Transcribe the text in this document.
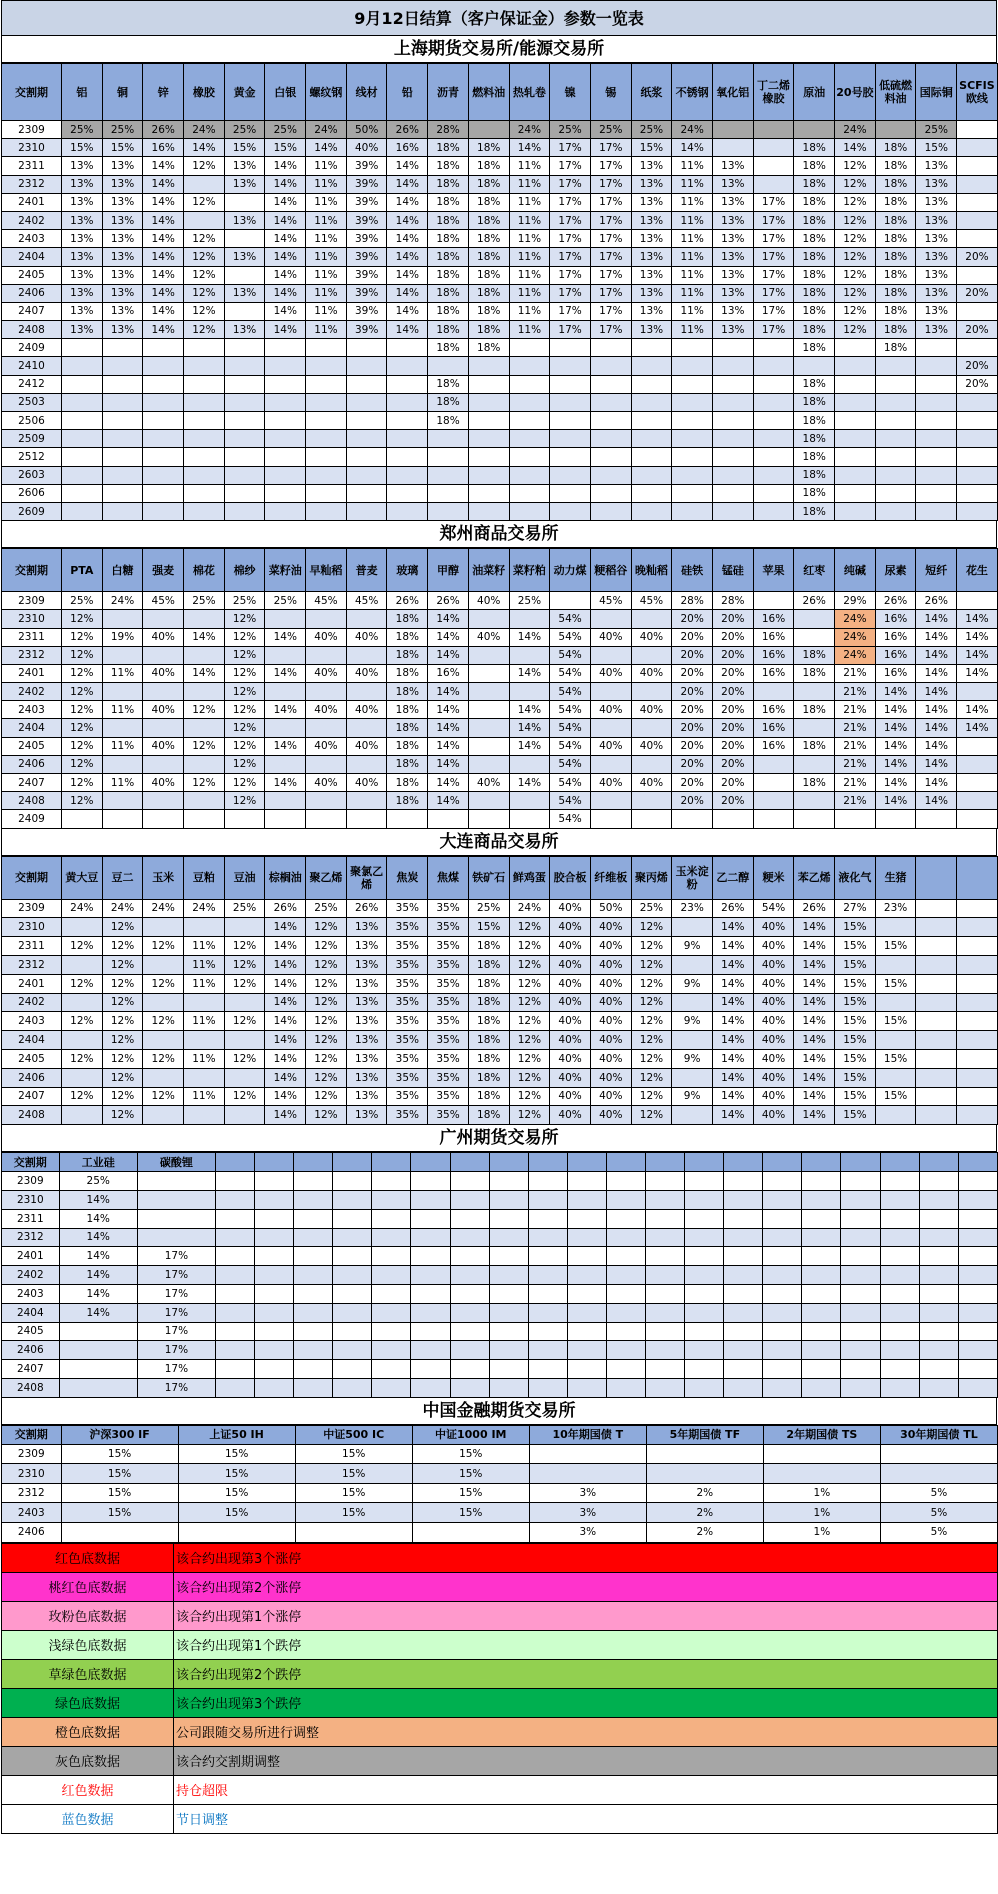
9月12日结算（客户保证金）参数一览表
上海期货交易所/能源交易所
交割期	铝	铜	锌	橡胶	黄金	白银	螺纹钢	线材	铅	沥青	燃料油	热轧卷	镍	锡	纸浆	不锈钢	氧化铝	丁二烯橡胶	原油	20号胶	低硫燃料油	国际铜	SCFIS欧线
2309	25%	25%	26%	24%	25%	25%	24%	50%	26%	28%		24%	25%	25%	25%	24%				24%		25%	
2310	15%	15%	16%	14%	15%	15%	14%	40%	16%	18%	18%	14%	17%	17%	15%	14%			18%	14%	18%	15%	
2311	13%	13%	14%	12%	13%	14%	11%	39%	14%	18%	18%	11%	17%	17%	13%	11%	13%		18%	12%	18%	13%	
2312	13%	13%	14%		13%	14%	11%	39%	14%	18%	18%	11%	17%	17%	13%	11%	13%		18%	12%	18%	13%	
2401	13%	13%	14%	12%		14%	11%	39%	14%	18%	18%	11%	17%	17%	13%	11%	13%	17%	18%	12%	18%	13%	
2402	13%	13%	14%		13%	14%	11%	39%	14%	18%	18%	11%	17%	17%	13%	11%	13%	17%	18%	12%	18%	13%	
2403	13%	13%	14%	12%		14%	11%	39%	14%	18%	18%	11%	17%	17%	13%	11%	13%	17%	18%	12%	18%	13%	
2404	13%	13%	14%	12%	13%	14%	11%	39%	14%	18%	18%	11%	17%	17%	13%	11%	13%	17%	18%	12%	18%	13%	20%
2405	13%	13%	14%	12%		14%	11%	39%	14%	18%	18%	11%	17%	17%	13%	11%	13%	17%	18%	12%	18%	13%	
2406	13%	13%	14%	12%	13%	14%	11%	39%	14%	18%	18%	11%	17%	17%	13%	11%	13%	17%	18%	12%	18%	13%	20%
2407	13%	13%	14%	12%		14%	11%	39%	14%	18%	18%	11%	17%	17%	13%	11%	13%	17%	18%	12%	18%	13%	
2408	13%	13%	14%	12%	13%	14%	11%	39%	14%	18%	18%	11%	17%	17%	13%	11%	13%	17%	18%	12%	18%	13%	20%
2409										18%	18%								18%		18%		
2410																							20%
2412										18%									18%				20%
2503										18%									18%				
2506										18%									18%				
2509																			18%				
2512																			18%				
2603																			18%				
2606																			18%				
2609																			18%				
郑州商品交易所
交割期	PTA	白糖	强麦	棉花	棉纱	菜籽油	早籼稻	普麦	玻璃	甲醇	油菜籽	菜籽粕	动力煤	粳稻谷	晚籼稻	硅铁	锰硅	苹果	红枣	纯碱	尿素	短纤	花生
2309	25%	24%	45%	25%	25%	25%	45%	45%	26%	26%	40%	25%		45%	45%	28%	28%		26%	29%	26%	26%	
2310	12%				12%				18%	14%			54%			20%	20%	16%		24%	16%	14%	14%
2311	12%	19%	40%	14%	12%	14%	40%	40%	18%	14%	40%	14%	54%	40%	40%	20%	20%	16%		24%	16%	14%	14%
2312	12%				12%				18%	14%			54%			20%	20%	16%	18%	24%	16%	14%	14%
2401	12%	11%	40%	14%	12%	14%	40%	40%	18%	16%		14%	54%	40%	40%	20%	20%	16%	18%	21%	16%	14%	14%
2402	12%				12%				18%	14%			54%			20%	20%			21%	14%	14%	
2403	12%	11%	40%	12%	12%	14%	40%	40%	18%	14%		14%	54%	40%	40%	20%	20%	16%	18%	21%	14%	14%	14%
2404	12%				12%				18%	14%		14%	54%			20%	20%	16%		21%	14%	14%	14%
2405	12%	11%	40%	12%	12%	14%	40%	40%	18%	14%		14%	54%	40%	40%	20%	20%	16%	18%	21%	14%	14%	
2406	12%				12%				18%	14%			54%			20%	20%			21%	14%	14%	
2407	12%	11%	40%	12%	12%	14%	40%	40%	18%	14%	40%	14%	54%	40%	40%	20%	20%		18%	21%	14%	14%	
2408	12%				12%				18%	14%			54%			20%	20%			21%	14%	14%	
2409													54%										
大连商品交易所
交割期	黄大豆	豆二	玉米	豆粕	豆油	棕榈油	聚乙烯	聚氯乙烯	焦炭	焦煤	铁矿石	鲜鸡蛋	胶合板	纤维板	聚丙烯	玉米淀粉	乙二醇	粳米	苯乙烯	液化气	生猪		
2309	24%	24%	24%	24%	25%	26%	25%	26%	35%	35%	25%	24%	40%	50%	25%	23%	26%	54%	26%	27%	23%		
2310		12%				14%	12%	13%	35%	35%	15%	12%	40%	40%	12%		14%	40%	14%	15%			
2311	12%	12%	12%	11%	12%	14%	12%	13%	35%	35%	18%	12%	40%	40%	12%	9%	14%	40%	14%	15%	15%		
2312		12%		11%	12%	14%	12%	13%	35%	35%	18%	12%	40%	40%	12%		14%	40%	14%	15%			
2401	12%	12%	12%	11%	12%	14%	12%	13%	35%	35%	18%	12%	40%	40%	12%	9%	14%	40%	14%	15%	15%		
2402		12%				14%	12%	13%	35%	35%	18%	12%	40%	40%	12%		14%	40%	14%	15%			
2403	12%	12%	12%	11%	12%	14%	12%	13%	35%	35%	18%	12%	40%	40%	12%	9%	14%	40%	14%	15%	15%		
2404		12%				14%	12%	13%	35%	35%	18%	12%	40%	40%	12%		14%	40%	14%	15%			
2405	12%	12%	12%	11%	12%	14%	12%	13%	35%	35%	18%	12%	40%	40%	12%	9%	14%	40%	14%	15%	15%		
2406		12%				14%	12%	13%	35%	35%	18%	12%	40%	40%	12%		14%	40%	14%	15%			
2407	12%	12%	12%	11%	12%	14%	12%	13%	35%	35%	18%	12%	40%	40%	12%	9%	14%	40%	14%	15%	15%		
2408		12%				14%	12%	13%	35%	35%	18%	12%	40%	40%	12%		14%	40%	14%	15%			
广州期货交易所
交割期	工业硅	碳酸锂																				
2309	25%																					
2310	14%																					
2311	14%																					
2312	14%																					
2401	14%	17%																				
2402	14%	17%																				
2403	14%	17%																				
2404	14%	17%																				
2405		17%																				
2406		17%																				
2407		17%																				
2408		17%																				
中国金融期货交易所
交割期	沪深300 IF	上证50 IH	中证500 IC	中证1000 IM	10年期国债 T	5年期国债 TF	2年期国债 TS	30年期国债 TL
2309	15%	15%	15%	15%				
2310	15%	15%	15%	15%				
2312	15%	15%	15%	15%	3%	2%	1%	5%
2403	15%	15%	15%	15%	3%	2%	1%	5%
2406					3%	2%	1%	5%
红色底数据	该合约出现第3个涨停
桃红色底数据	该合约出现第2个涨停
玫粉色底数据	该合约出现第1个涨停
浅绿色底数据	该合约出现第1个跌停
草绿色底数据	该合约出现第2个跌停
绿色底数据	该合约出现第3个跌停
橙色底数据	公司跟随交易所进行调整
灰色底数据	该合约交割期调整
红色数据	持仓超限
蓝色数据	节日调整
